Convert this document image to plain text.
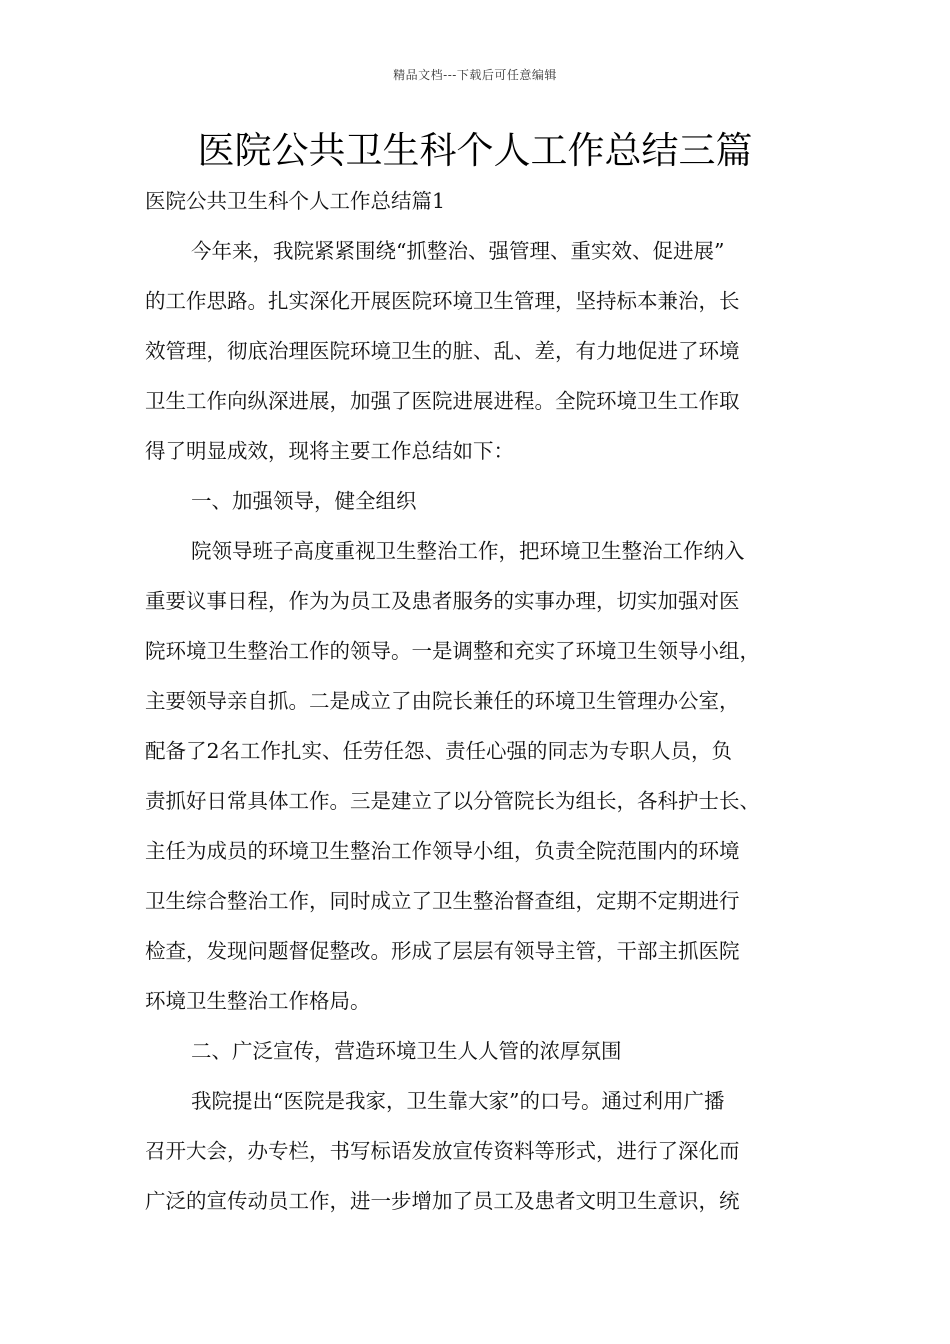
精品文档---下载后可任意编辑
医院公共卫生科个人工作总结三篇
医院公共卫生科个人工作总结篇1
今年来，我院紧紧围绕“抓整治、强管理、重实效、促进展”
的工作思路。扎实深化开展医院环境卫生管理，坚持标本兼治，长
效管理，彻底治理医院环境卫生的脏、乱、差，有力地促进了环境
卫生工作向纵深进展，加强了医院进展进程。全院环境卫生工作取
得了明显成效，现将主要工作总结如下：
一、加强领导，健全组织
院领导班子高度重视卫生整治工作，把环境卫生整治工作纳入
重要议事日程，作为为员工及患者服务的实事办理，切实加强对医
院环境卫生整治工作的领导。一是调整和充实了环境卫生领导小组，
主要领导亲自抓。二是成立了由院长兼任的环境卫生管理办公室，
配备了2名工作扎实、任劳任怨、责任心强的同志为专职人员，负
责抓好日常具体工作。三是建立了以分管院长为组长，各科护士长、
主任为成员的环境卫生整治工作领导小组，负责全院范围内的环境
卫生综合整治工作，同时成立了卫生整治督查组，定期不定期进行
检查，发现问题督促整改。形成了层层有领导主管，干部主抓医院
环境卫生整治工作格局。
二、广泛宣传，营造环境卫生人人管的浓厚氛围
我院提出“医院是我家，卫生靠大家”的口号。通过利用广播
召开大会，办专栏，书写标语发放宣传资料等形式，进行了深化而
广泛的宣传动员工作，进一步增加了员工及患者文明卫生意识，统
